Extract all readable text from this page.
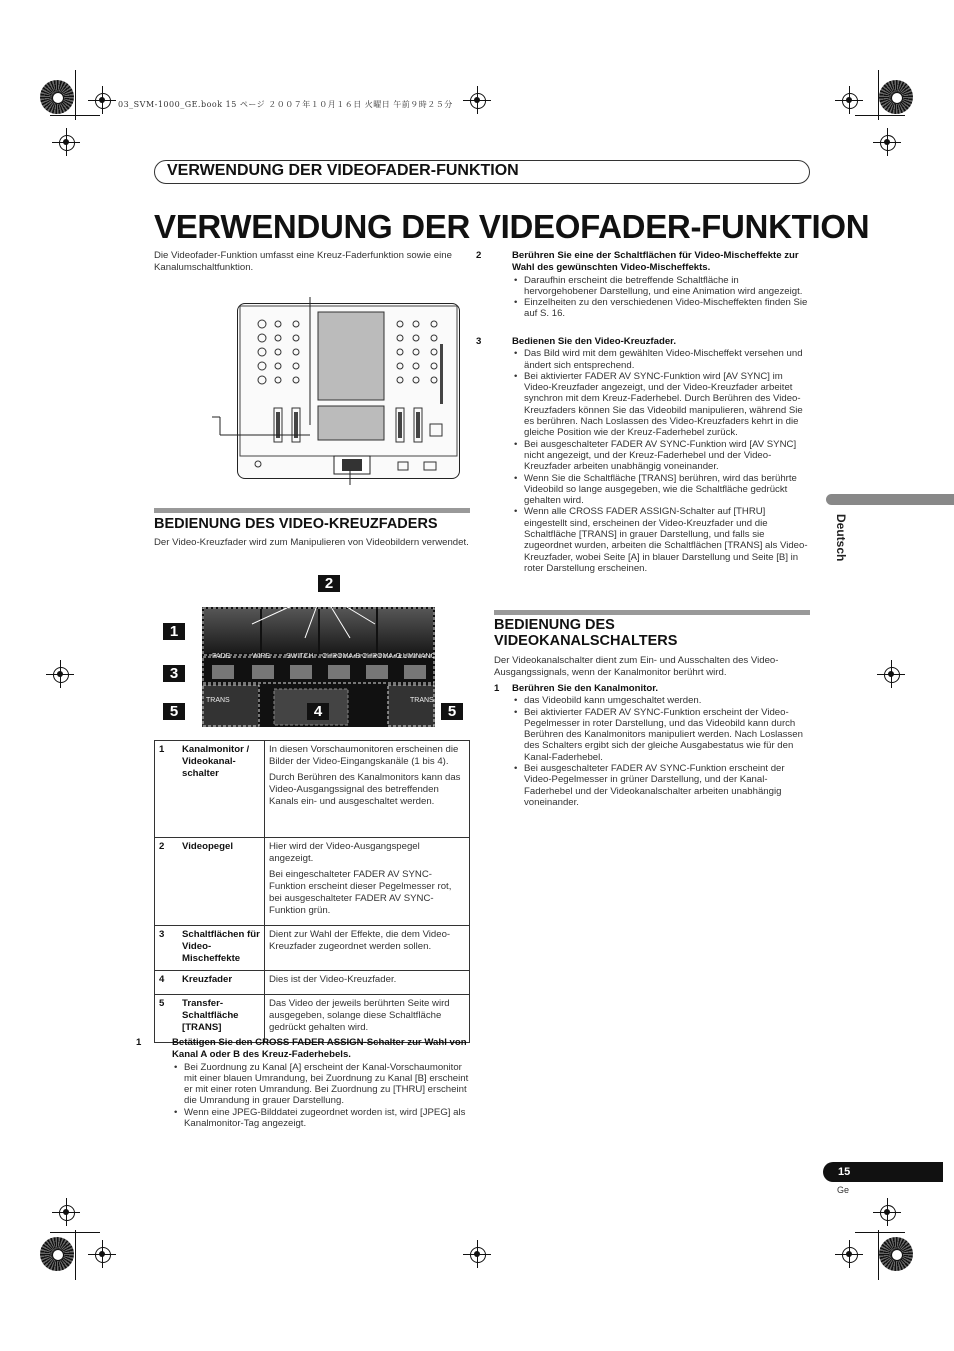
03_SVM-1000_GE.book 15 ページ ２００７年１０月１６日 火曜日 午前９時２５分
VERWENDUNG DER VIDEOFADER-FUNKTION
VERWENDUNG DER VIDEOFADER-FUNKTION
Die Videofader-Funktion umfasst eine Kreuz-Faderfunktion sowie eine Kanalumschaltfunktion.
BEDIENUNG DES VIDEO-KREUZFADERS
Der Video-Kreuzfader wird zum Manipulieren von Videobildern verwendet.
FADE	WIPE SWITCH CHROMA-B CHROMA-G
LUMINANC
TRANS	TRANS
1
2
3
4
5	5
1	Kanalmonitor / Videokanal-schalter	In diesen Vorschaumonitoren erscheinen die Bilder der Video-Eingangskanäle (1 bis 4).

Durch Berühren des Kanalmonitors kann das Video-Ausgangssignal des betreffenden Kanals ein- und ausgeschaltet werden.

2	Videopegel	Hier wird der Video-Ausgangspegel angezeigt.

Bei eingeschalteter FADER AV SYNC-Funktion erscheint dieser Pegelmesser rot, bei ausgeschalteter FADER AV SYNC-Funktion grün.

3	Schaltflächen für Video-Mischeffekte	Dient zur Wahl der Effekte, die dem Video-Kreuzfader zugeordnet werden sollen.

4	Kreuzfader	Dies ist der Video-Kreuzfader.

5	Transfer-Schaltfläche [TRANS]	Das Video der jeweils berührten Seite wird ausgegeben, solange diese Schaltfläche gedrückt gehalten wird.

1	Betätigen Sie den CROSS FADER ASSIGN-Schalter zur Wahl von Kanal A oder B des Kreuz-Faderhebels.
• Bei Zuordnung zu Kanal [A] erscheint der Kanal-Vorschaumonitor mit einer blauen Umrandung, bei Zuordnung zu Kanal [B] erscheint er mit einer roten Umrandung. Bei Zuordnung zu [THRU] erscheint die Umrandung in grauer Darstellung.
• Wenn eine JPEG-Bilddatei zugeordnet worden ist, wird [JPEG] als Kanalmonitor-Tag angezeigt.
2	Berühren Sie eine der Schaltflächen für Video-Mischeffekte zur Wahl des gewünschten Video-Mischeffekts.
• Daraufhin erscheint die betreffende Schaltfläche in hervorgehobener Darstellung, und eine Animation wird angezeigt.
• Einzelheiten zu den verschiedenen Video-Mischeffekten finden Sie auf S. 16.
3	Bedienen Sie den Video-Kreuzfader.
• Das Bild wird mit dem gewählten Video-Mischeffekt versehen und ändert sich entsprechend.
• Bei aktivierter FADER AV SYNC-Funktion wird [AV SYNC] im Video-Kreuzfader angezeigt, und der Video-Kreuzfader arbeitet synchron mit dem Kreuz-Faderhebel. Durch Berühren des Video-Kreuzfaders können Sie das Videobild manipulieren, während Sie es berühren. Nach Loslassen des Video-Kreuzfaders kehrt in die gleiche Position wie der Kreuz-Faderhebel zurück.
• Bei ausgeschalteter FADER AV SYNC-Funktion wird [AV SYNC] nicht angezeigt, und der Kreuz-Faderhebel und der Video-Kreuzfader arbeiten unabhängig voneinander.
• Wenn Sie die Schaltfläche [TRANS] berühren, wird das berührte Videobild so lange ausgegeben, wie die Schaltfläche gedrückt gehalten wird.
• Wenn alle CROSS FADER ASSIGN-Schalter auf [THRU] eingestellt sind, erscheinen der Video-Kreuzfader und die Schaltfläche [TRANS] in grauer Darstellung, und falls sie zugeordnet wurden, arbeiten die Schaltflächen [TRANS] als Video-Kreuzfader, wobei Seite [A] in blauer Darstellung und Seite [B] in roter Darstellung erscheinen.
BEDIENUNG DES
VIDEOKANALSCHALTERS
Der Videokanalschalter dient zum Ein- und Ausschalten des Video-Ausgangssignals, wenn der Kanalmonitor berührt wird.
1 Berühren Sie den Kanalmonitor.
• das Videobild kann umgeschaltet werden.
• Bei aktivierter FADER AV SYNC-Funktion erscheint der Video-Pegelmesser in roter Darstellung, und das Videobild kann durch Berühren des Kanalmonitors manipuliert werden. Nach Loslassen des Schalters ergibt sich der gleiche Ausgabestatus wie für den Kanal-Faderhebel.
• Bei ausgeschalteter FADER AV SYNC-Funktion erscheint der Video-Pegelmesser in grüner Darstellung, und der Kanal-Faderhebel und der Videokanalschalter arbeiten unabhängig voneinander.
Deutsch
15
Ge
